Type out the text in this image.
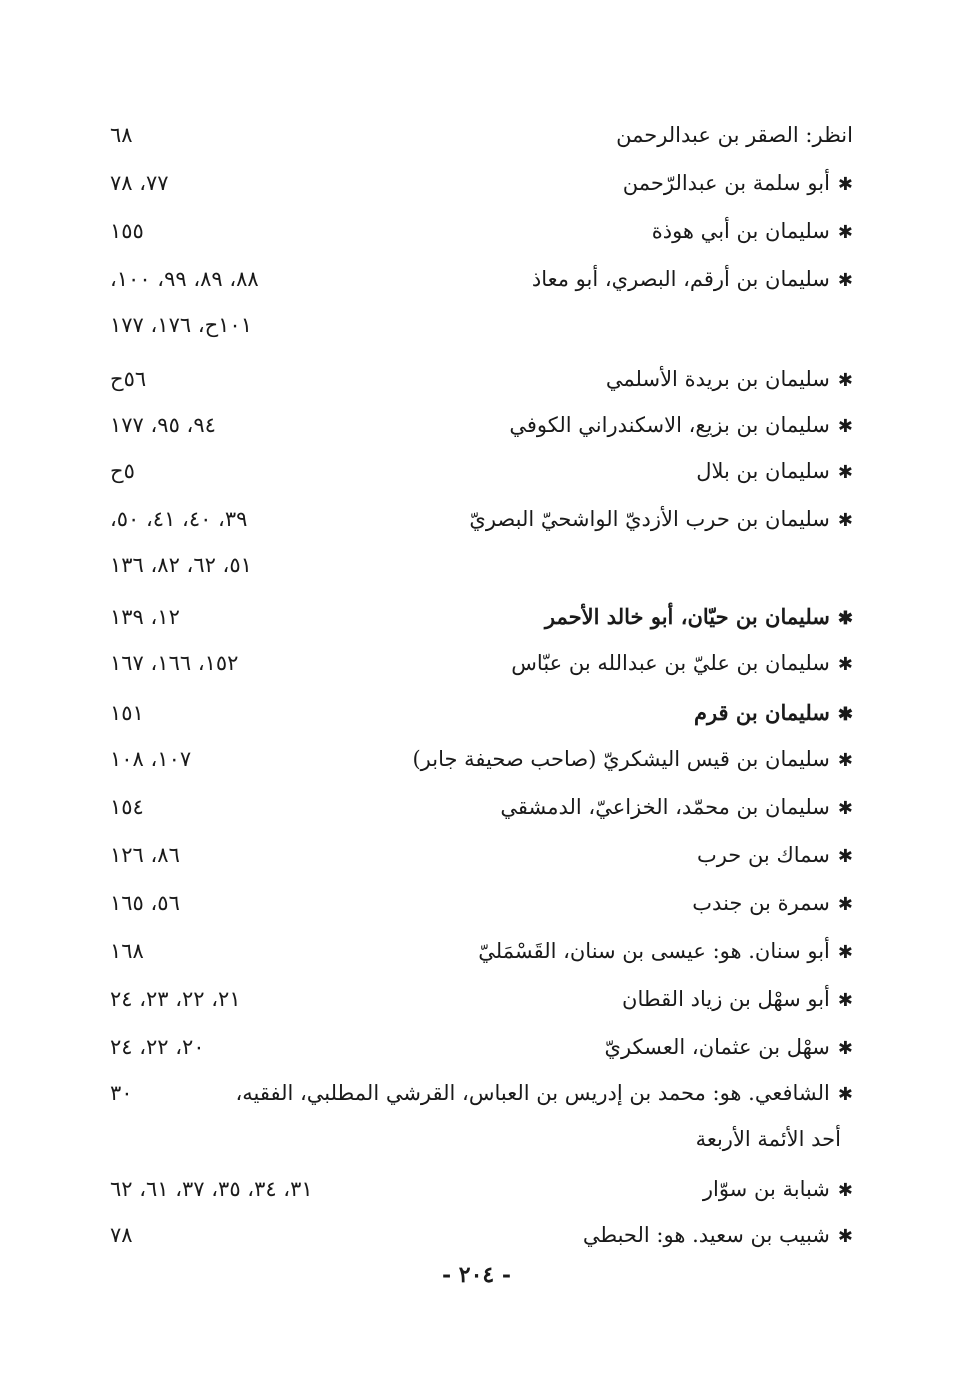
انظر: الصقر بن عبدالرحمن
٦٨
✱أبو سلمة بن عبدالرّحمن
٧٧، ٧٨
✱سليمان بن أبي هوذة
١٥٥
✱سليمان بن أرقم، البصري، أبو معاذ
٨٨، ٨٩، ٩٩، ١٠٠،
١٠١ح، ١٧٦، ١٧٧
✱سليمان بن بريدة الأسلمي
٥٦ح
✱سليمان بن بزيع، الاسكندراني الكوفي
٩٤، ٩٥، ١٧٧
✱سليمان بن بلال
٥ح
✱سليمان بن حرب الأزديّ الواشحيّ البصريّ
٣٩، ٤٠، ٤١، ٥٠،
٥١، ٦٢، ٨٢، ١٣٦
✱سليمان بن حيّان، أبو خالد الأحمر
١٢، ١٣٩
✱سليمان بن عليّ بن عبدالله بن عبّاس
١٥٢، ١٦٦، ١٦٧
✱سليمان بن قرم
١٥١
✱سليمان بن قيس اليشكريّ (صاحب صحيفة جابر)
١٠٧، ١٠٨
✱سليمان بن محمّد، الخزاعيّ، الدمشقي
١٥٤
✱سماك بن حرب
٨٦، ١٢٦
✱سمرة بن جندب
٥٦، ١٦٥
✱أبو سنان. هو: عيسى بن سنان، القَسْمَليّ
١٦٨
✱أبو سهْل بن زياد القطان
٢١، ٢٢، ٢٣، ٢٤
✱سهْل بن عثمان، العسكريّ
٢٠، ٢٢، ٢٤
✱الشافعي. هو: محمد بن إدريس بن العباس، القرشي المطلبي، الفقيه،
٣٠
أحد الأئمة الأربعة
✱شبابة بن سوّار
٣١، ٣٤، ٣٥، ٣٧، ٦١، ٦٢
✱شبيب بن سعيد. هو: الحبطي
٧٨
- ٢٠٤ -
